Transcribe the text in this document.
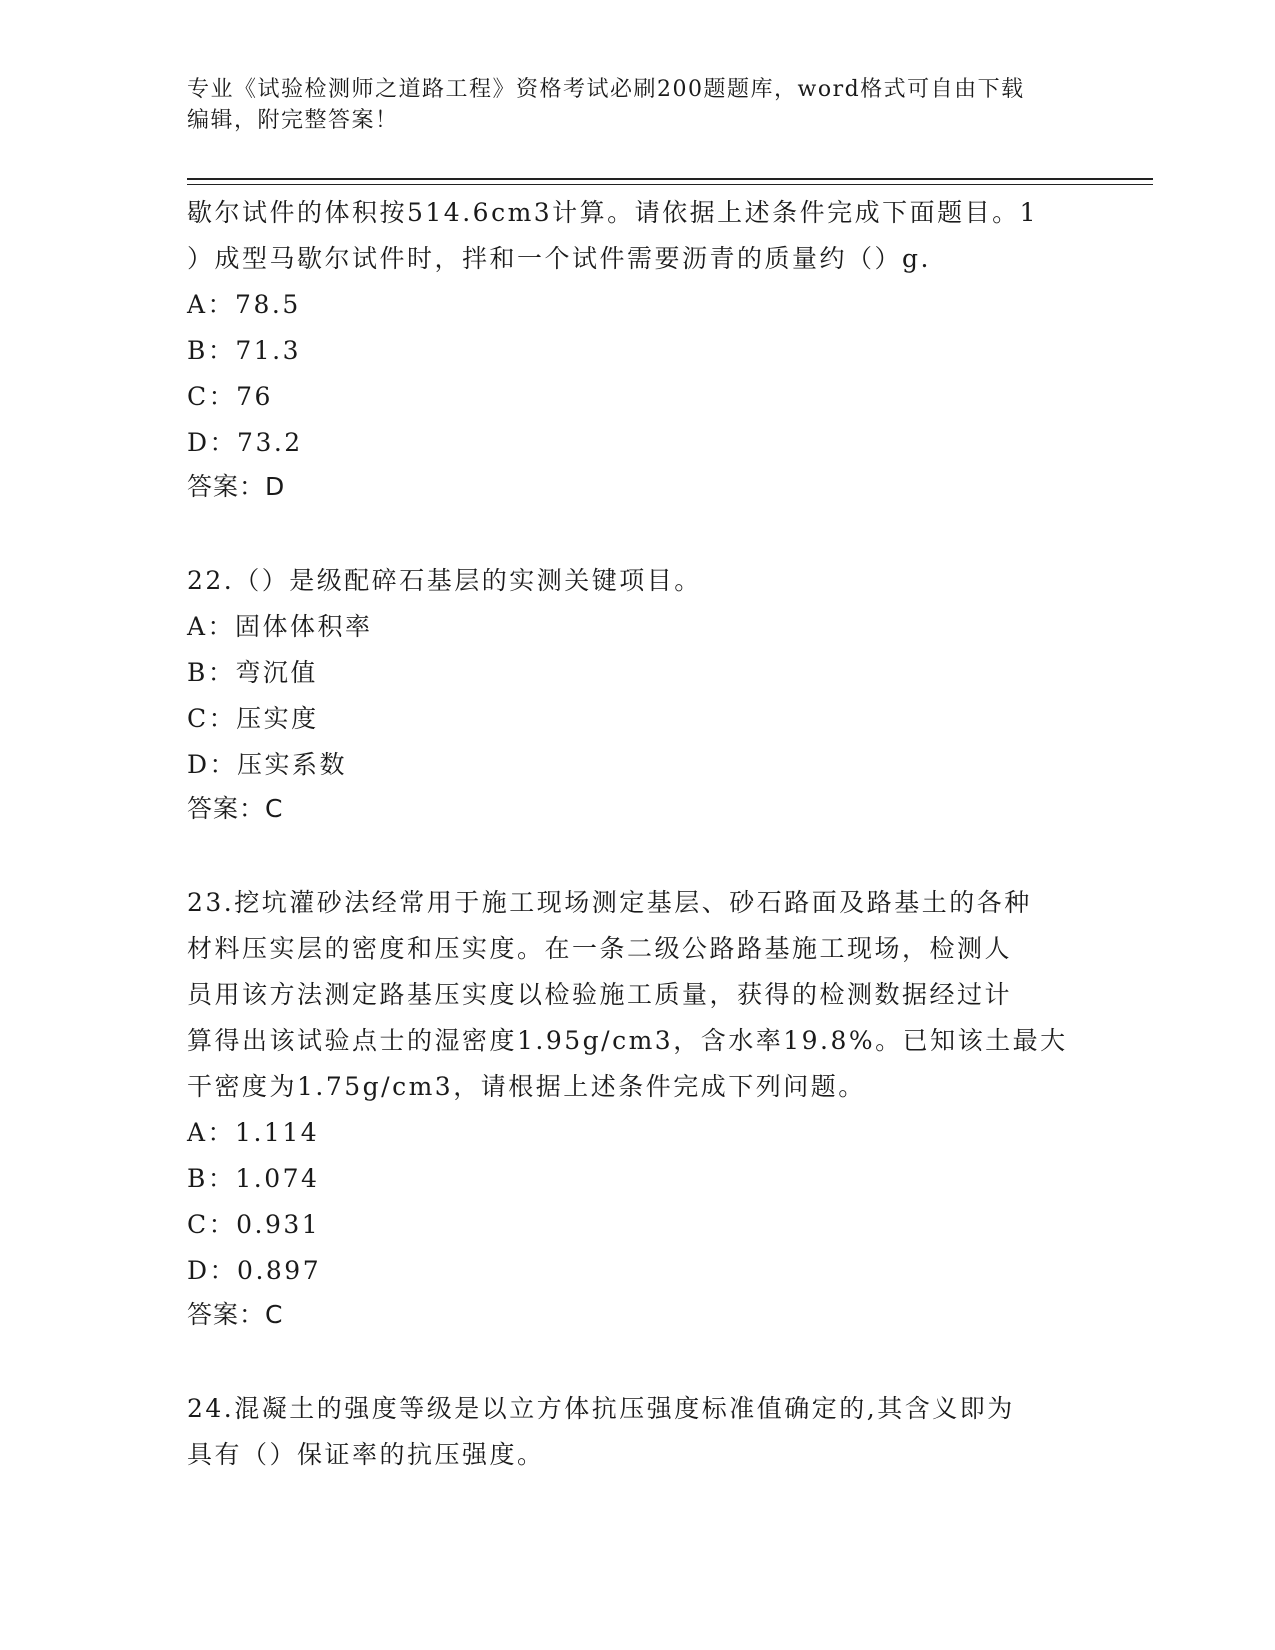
专业《试验检测师之道路工程》资格考试必刷200题题库，word格式可自由下载
编辑，附完整答案！
歇尔试件的体积按514.6cm3计算。请依据上述条件完成下面题目。1
）成型马歇尔试件时，拌和一个试件需要沥青的质量约（）g.
A：78.5
B：71.3
C：76
D：73.2
答案：D
22.（）是级配碎石基层的实测关键项目。
A：固体体积率
B：弯沉值
C：压实度
D：压实系数
答案：C
23.挖坑灌砂法经常用于施工现场测定基层、砂石路面及路基土的各种
材料压实层的密度和压实度。在一条二级公路路基施工现场，检测人
员用该方法测定路基压实度以检验施工质量，获得的检测数据经过计
算得出该试验点士的湿密度1.95g/cm3，含水率19.8%。已知该土最大
干密度为1.75g/cm3，请根据上述条件完成下列问题。
A：1.114
B：1.074
C：0.931
D：0.897
答案：C
24.混凝土的强度等级是以立方体抗压强度标准值确定的,其含义即为
具有（）保证率的抗压强度。
